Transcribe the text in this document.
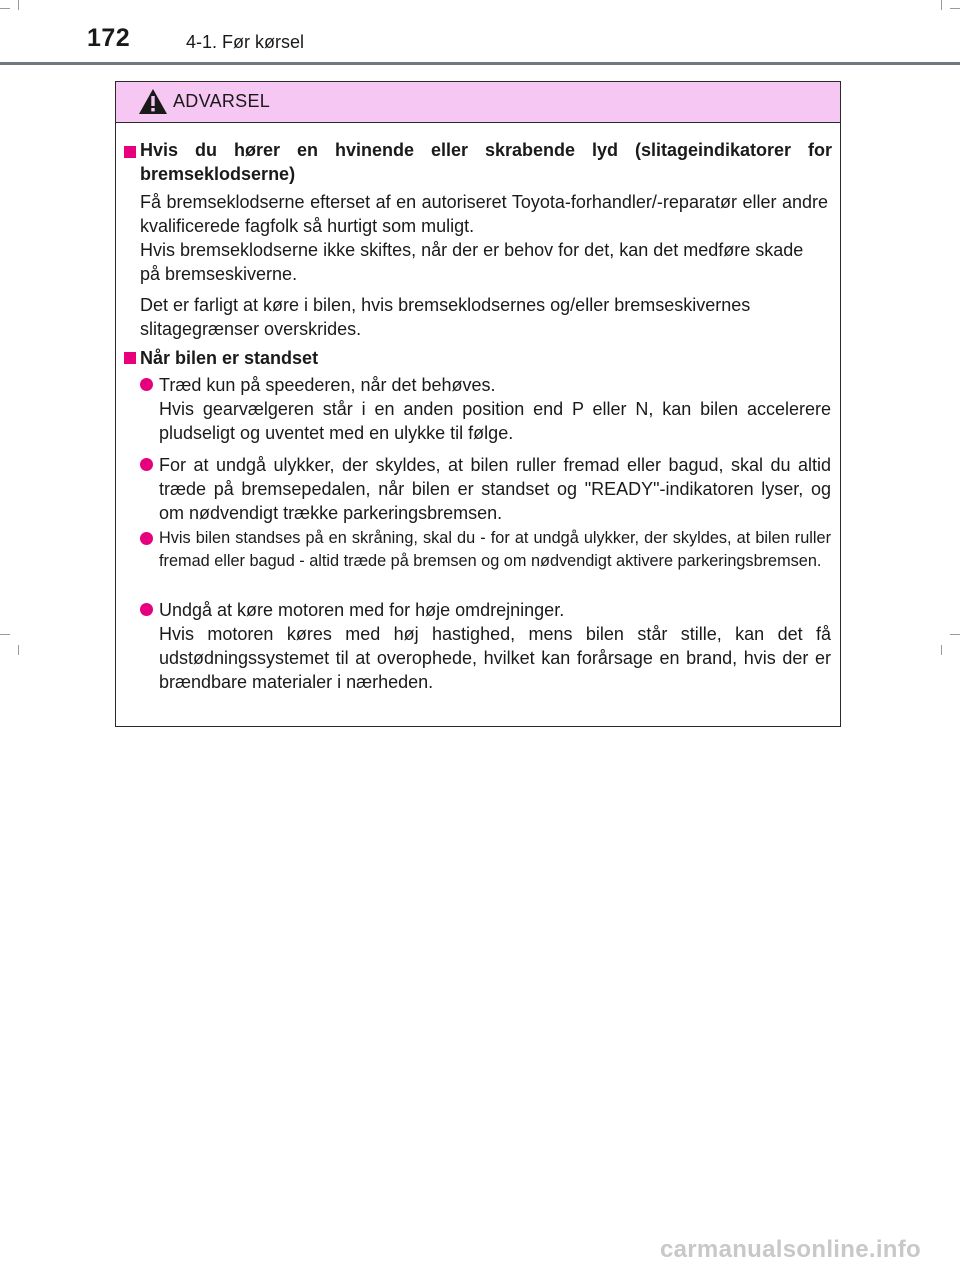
172	4-1. Før kørsel
ADVARSEL
Hvis du hører en hvinende eller skrabende lyd (slitageindikatorer for bremseklodserne)
Få bremseklodserne efterset af en autoriseret Toyota-forhandler/-reparatør eller andre kvalificerede fagfolk så hurtigt som muligt.
Hvis bremseklodserne ikke skiftes, når der er behov for det, kan det medføre skade på bremseskiverne.
Det er farligt at køre i bilen, hvis bremseklodsernes og/eller bremseskivernes slitagegrænser overskrides.
Når bilen er standset
Træd kun på speederen, når det behøves.
Hvis gearvælgeren står i en anden position end P eller N, kan bilen accelerere pludseligt og uventet med en ulykke til følge.
For at undgå ulykker, der skyldes, at bilen ruller fremad eller bagud, skal du altid træde på bremsepedalen, når bilen er standset og "READY"-indikatoren lyser, og om nødvendigt trække parkeringsbremsen.
Hvis bilen standses på en skråning, skal du - for at undgå ulykker, der skyldes, at bilen ruller fremad eller bagud - altid træde på bremsen og om nødvendigt aktivere parkeringsbremsen.
Undgå at køre motoren med for høje omdrejninger.
Hvis motoren køres med høj hastighed, mens bilen står stille, kan det få udstødningssystemet til at overophede, hvilket kan forårsage en brand, hvis der er brændbare materialer i nærheden.
carmanualsonline.info
